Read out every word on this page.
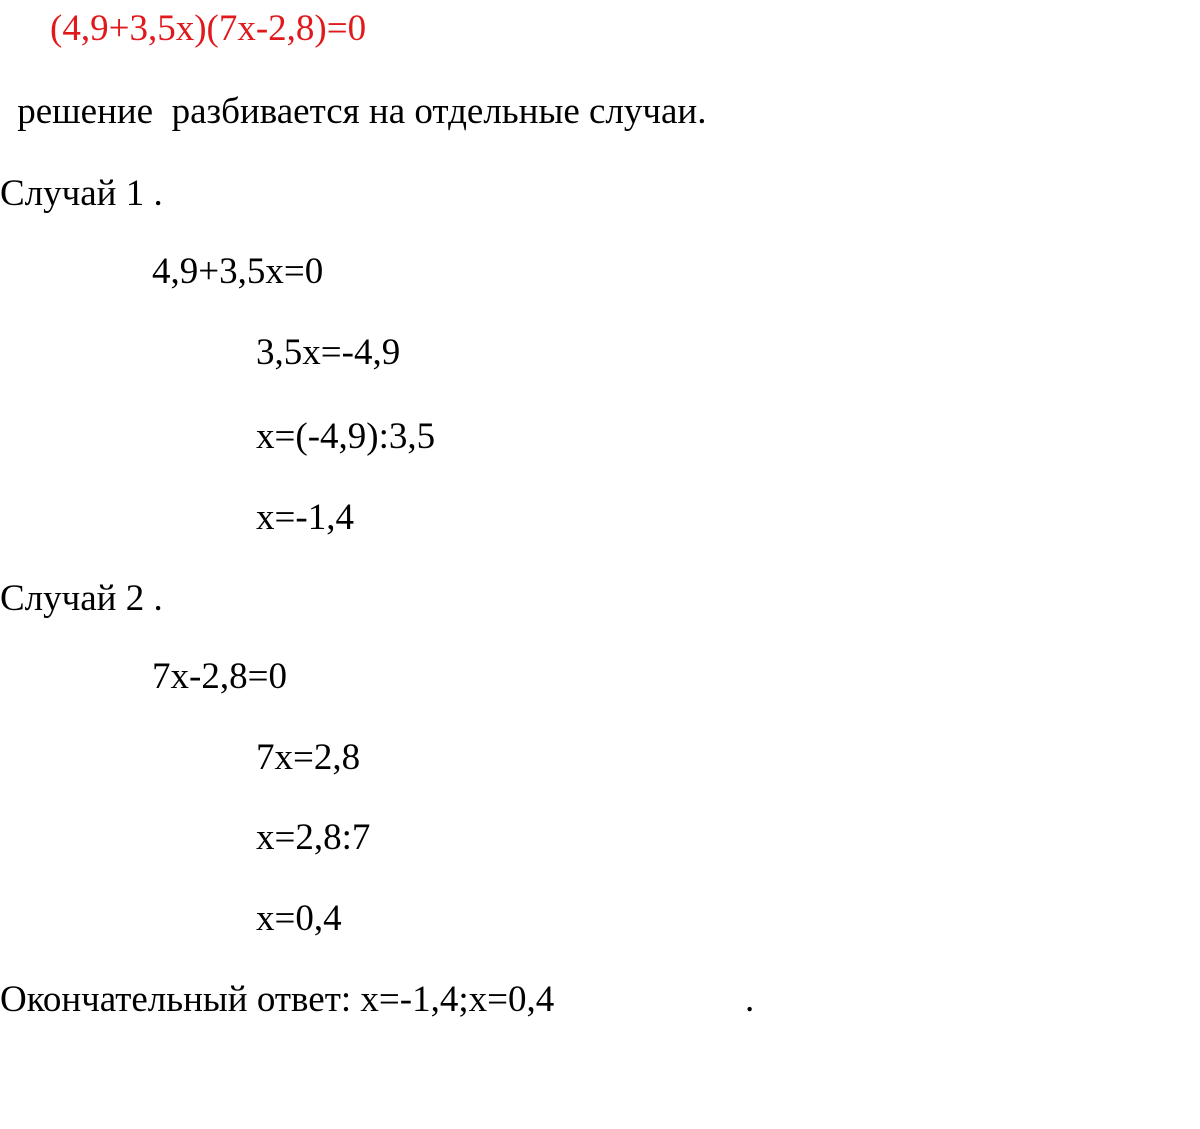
(4,9+3,5x)(7x-2,8)=0
решение  разбивается на отдельные случаи.
Случай 1 .
4,9+3,5x=0
3,5x=-4,9
x=(-4,9):3,5
x=-1,4
Случай 2 .
7x-2,8=0
7x=2,8
x=2,8:7
x=0,4
Окончательный ответ: x=-1,4;x=0,4	.
